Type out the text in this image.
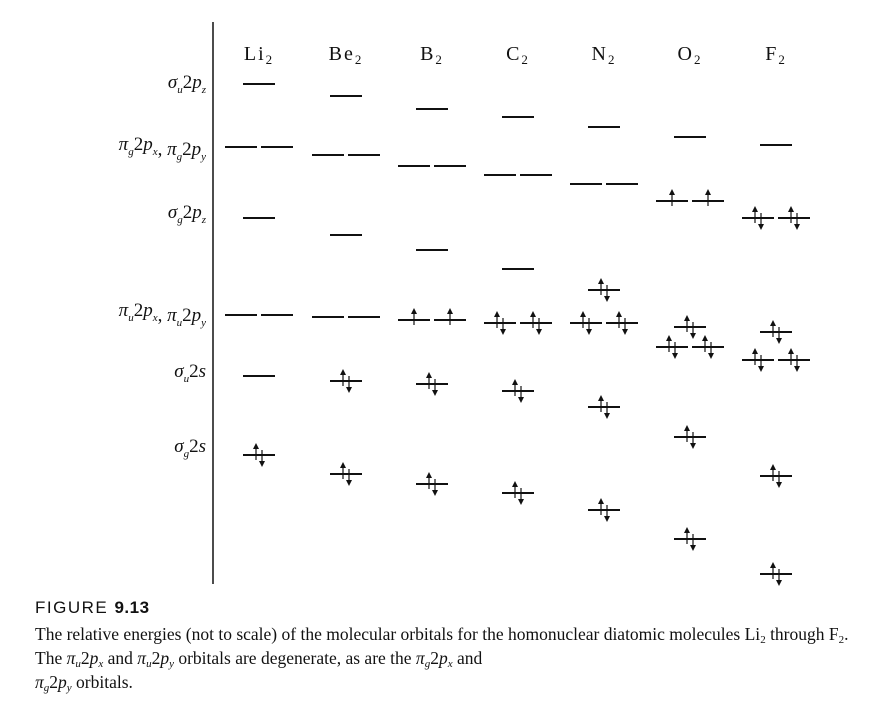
$\sigma_u2p_z$
$\pi_g2p_x$, $\pi_g2p_y$
$\sigma_g2p_z$
$\pi_u2p_x$, $\pi_u2p_y$
$\sigma_u2s$
$\sigma_g2s$
$Li_2$	$Be_2$	$B_2$	$C_2$	$N_2$	$O_2$	$F_2$
FIGURE 9.13
The relative energies (not to scale) of the molecular orbitals for the homonuclear diatomic molecules $Li_2$ through $F_2$. The $\pi_u2p_x$ and $\pi_u2p_y$ orbitals are degenerate, as are the $\pi_g2p_x$ and
$\pi_g2p_y$ orbitals.
